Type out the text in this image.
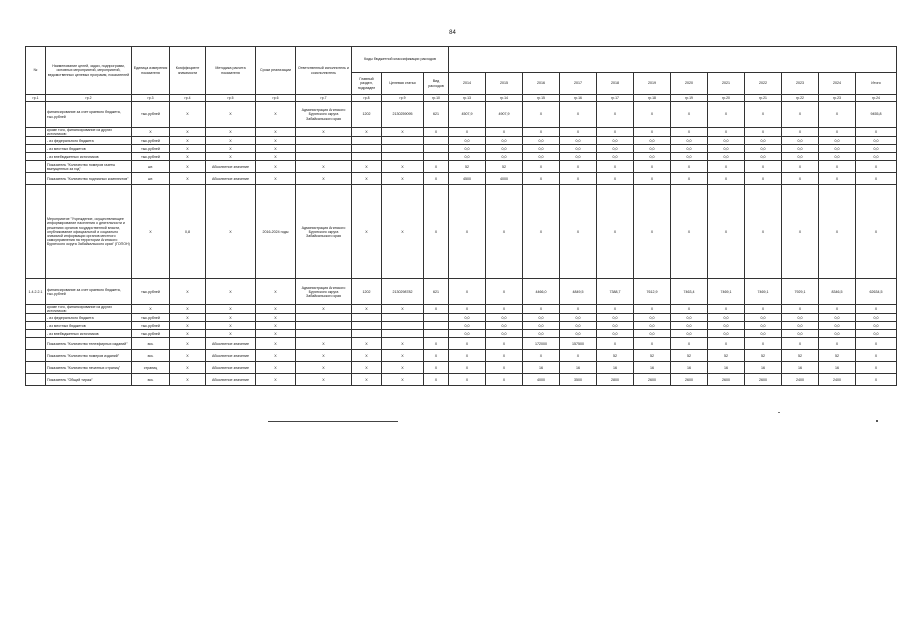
84
№	Наименование целей, задач, подпрограмм, основных мероприятий, мероприятий, ведомственных целевых программ, показателей	Единица измерения показателя	Коэффициент значимости	Методика расчета показателя	Сроки реализации	Ответственный исполнитель и соисполнитель	Коды бюджетной классификации расходов														
							Главный раздел, подраздел	Целевая статья	Вид расходов	2014	2015	2016	2017	2018	2019	2020	2021	2022	2023	2024	Итого
гр.1	гр.2	гр.3	гр.4	гр.5	гр.6	гр.7	гр.8	гр.9	гр.10	гр.13	гр.14	гр.15	гр.16	гр.17	гр.18	гр.19	гр.20	гр.21	гр.22	гр.23	гр.24
	финансирование за счет краевого бюджета, тыс.рублей	тыс.рублей	X	X	X	Администрация Агинского Бурятского округа Забайкальского края	1202	2130259095	621	4507,9	4907,9	X	X	X	X	X	X	X	X	X	9455,8
	кроме того, финансирование из других источников:	X	X	X	X	X	X	X	X	X	X	X	X	X	X	X	X	X	X	X	X
	- из федерального бюджета	тыс.рублей	X	X	X					0,0	0,0	0,0	0,0	0,0	0,0	0,0	0,0	0,0	0,0	0,0	0,0
	- из местных бюджетов	тыс.рублей	X	X	X					0,0	0,0	0,0	0,0	0,0	0,0	0,0	0,0	0,0	0,0	0,0	0,0
	- из внебюджетных источников	тыс.рублей	X	X	X					0,0	0,0	0,0	0,0	0,0	0,0	0,0	0,0	0,0	0,0	0,0	0,0
	Показатель "Количество номеров газеты выпущенных за год"	шт.	X	Абсолютное значение	X	X	X	X	X	52	52	X	X	X	X	X	X	X	X	X	X
	Показатель "Количество подписных комплектов"	шт.	X	Абсолютное значение	X	X	X	X	X	4500	4000	X	X	X	X	X	X	X	X	X	X
	Мероприятие "Учреждение, осуществляющее информирование населения о деятельности и решениях органов государственной власти, опубликование официальной и социально значимой информации органов местного самоуправления на территории Агинского Бурятского округа Забайкальского края" (ГОПОН)	X	0,8	X	2016-2024 годы	Администрация Агинского Бурятского округа Забайкальского края	X	X	X	X	X	X	X	X	X	X	X	X	X	X	X
1.4.2.2.1	финансирование за счет краевого бюджета, тыс.рублей	тыс.рублей	X	X	X	Администрация Агинского Бурятского округа Забайкальского края	1202	2130298782	621	X	X	4466,0	4849,5	7388,7	7612,9	7463,4	7469,1	7469,1	7929,1	8346,5	62634,5
	кроме того, финансирование из других источников:	X	X	X	X	X	X	X	X	X	X	X	X	X	X	X	X	X	X	X	X
	- из федерального бюджета	тыс.рублей	X	X	X					0,0	0,0	0,0	0,0	0,0	0,0	0,0	0,0	0,0	0,0	0,0	0,0
	- из местных бюджетов	тыс.рублей	X	X	X					0,0	0,0	0,0	0,0	0,0	0,0	0,0	0,0	0,0	0,0	0,0	0,0
	- из внебюджетных источников	тыс.рублей	X	X	X					0,0	0,0	0,0	0,0	0,0	0,0	0,0	0,0	0,0	0,0	0,0	0,0
	Показатель "Количество телеэфирных изданий"	экз.	X	Абсолютное значение	X	X	X	X	X	X	X	172000	157500	X	X	X	X	X	X	X	X
	Показатель "Количество номеров изданий"	экз.	X	Абсолютное значение	X	X	X	X	X	X	X	X	X	52	52	52	52	52	52	52	X
	Показатель "Количество печатных страниц"	страниц	X	Абсолютное значение	X	X	X	X	X	X	X	16	16	16	16	16	16	16	16	16	X
	Показатель "Общий тираж"	экз.	X	Абсолютное значение	X	X	X	X	X	X	X	4000	3500	2800	2600	2600	2600	2600	2400	2400	X
